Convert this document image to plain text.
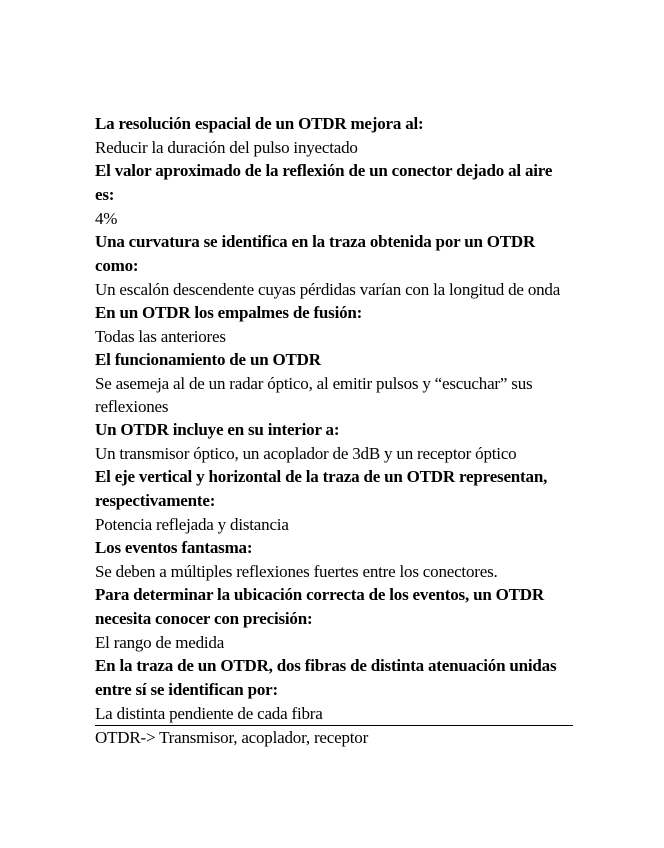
La resolución espacial de un OTDR mejora al:

Reducir la duración del pulso inyectado

El valor aproximado de la reflexión de un conector dejado al aire es:

4%

Una curvatura se identifica en la traza obtenida por un OTDR como:

Un escalón descendente cuyas pérdidas varían con la longitud de onda

En un OTDR los empalmes de fusión:

Todas las anteriores

El funcionamiento de un OTDR

Se asemeja al de un radar óptico, al emitir pulsos y “escuchar” sus reflexiones

Un OTDR incluye en su interior a:

Un transmisor óptico, un acoplador de 3dB y un receptor óptico

El eje vertical y horizontal de la traza de un OTDR representan, respectivamente:

Potencia reflejada y distancia

Los eventos fantasma:

Se deben a múltiples reflexiones fuertes entre los conectores.

Para determinar la ubicación correcta de los eventos, un OTDR necesita conocer con precisión:

El rango de medida

En la traza de un OTDR, dos fibras de distinta atenuación unidas entre sí se identifican por:

La distinta pendiente de cada fibra

OTDR-> Transmisor, acoplador, receptor
